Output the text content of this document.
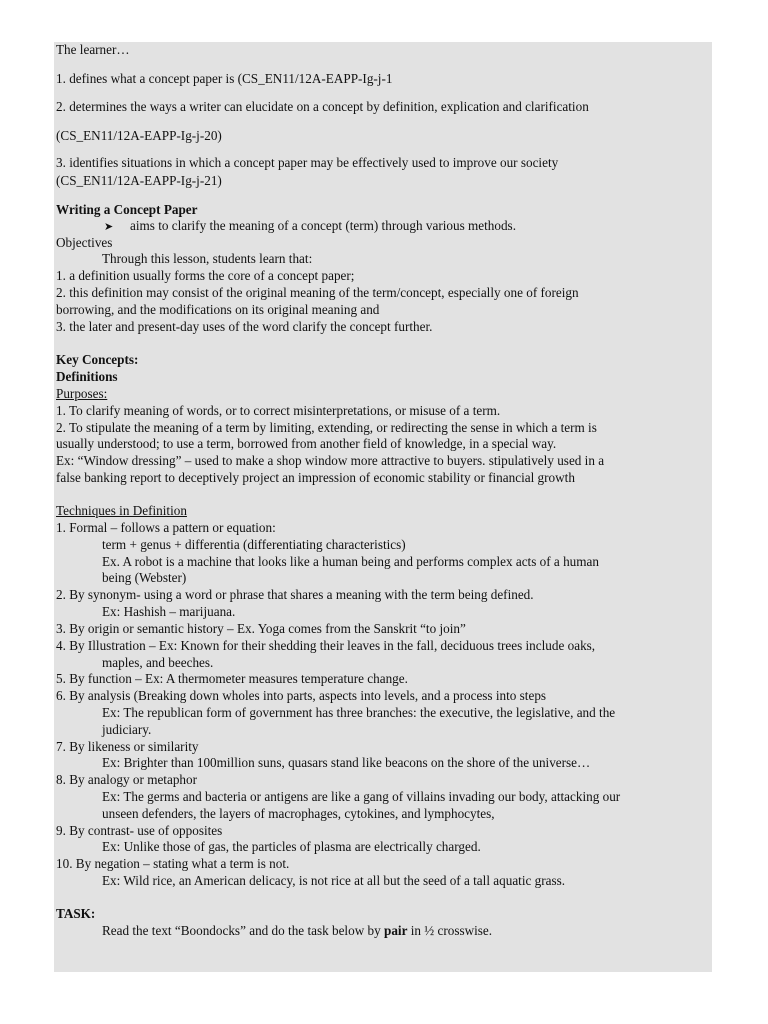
The learner…
1. defines what a concept paper is (CS_EN11/12A-EAPP-Ig-j-1
2. determines the ways a writer can elucidate on a concept by definition, explication and clarification
(CS_EN11/12A-EAPP-Ig-j-20)
3. identifies situations in which a concept paper may be effectively used to improve our society
(CS_EN11/12A-EAPP-Ig-j-21)
Writing a Concept Paper
➤ aims to clarify the meaning of a concept (term) through various methods.
Objectives
Through this lesson, students learn that:
1. a definition usually forms the core of a concept paper;
2. this definition may consist of the original meaning of the term/concept, especially one of foreign
borrowing, and the modifications on its original meaning and
3. the later and present-day uses of the word clarify the concept further.
Key Concepts:
Definitions
Purposes:
1. To clarify meaning of words, or to correct misinterpretations, or misuse of a term.
2. To stipulate the meaning of a term by limiting, extending, or redirecting the sense in which a term is
usually understood; to use a term, borrowed from another field of knowledge, in a special way.
Ex: “Window dressing” – used to make a shop window more attractive to buyers. stipulatively used in a
false banking report to deceptively project an impression of economic stability or financial growth
Techniques in Definition
1. Formal – follows a pattern or equation:
term + genus + differentia (differentiating characteristics)
Ex. A robot is a machine that looks like a human being and performs complex acts of a human
being (Webster)
2. By synonym- using a word or phrase that shares a meaning with the term being defined.
Ex: Hashish – marijuana.
3. By origin or semantic history – Ex. Yoga comes from the Sanskrit “to join”
4. By Illustration – Ex: Known for their shedding their leaves in the fall, deciduous trees include oaks,
maples, and beeches.
5. By function – Ex: A thermometer measures temperature change.
6. By analysis (Breaking down wholes into parts, aspects into levels, and a process into steps
Ex: The republican form of government has three branches: the executive, the legislative, and the
judiciary.
7. By likeness or similarity
Ex: Brighter than 100million suns, quasars stand like beacons on the shore of the universe…
8. By analogy or metaphor
Ex: The germs and bacteria or antigens are like a gang of villains invading our body, attacking our
unseen defenders, the layers of macrophages, cytokines, and lymphocytes,
9. By contrast- use of opposites
Ex: Unlike those of gas, the particles of plasma are electrically charged.
10. By negation – stating what a term is not.
Ex: Wild rice, an American delicacy, is not rice at all but the seed of a tall aquatic grass.
TASK:
Read the text “Boondocks” and do the task below by pair in ½ crosswise.
